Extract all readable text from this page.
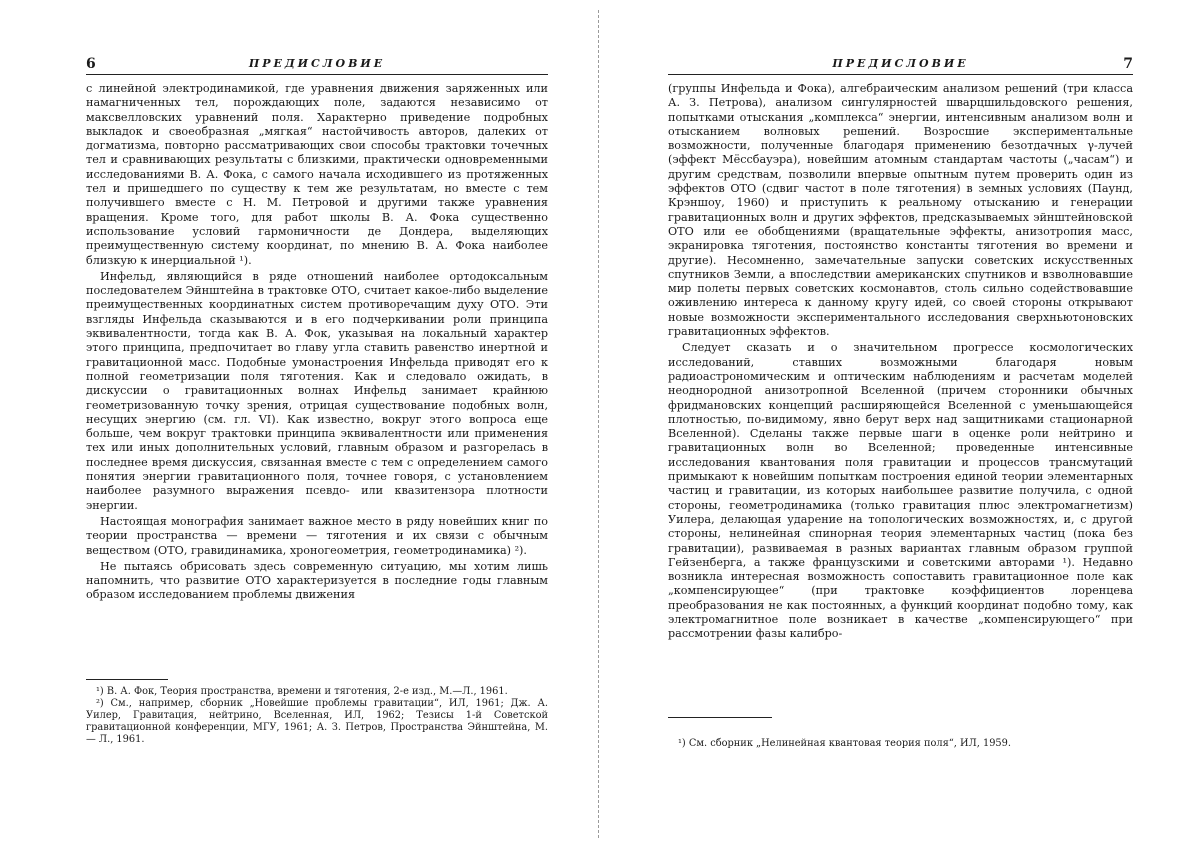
6	ПРЕДИСЛОВИЕ

с линейной электродинамикой, где уравнения движения заряженных или намагниченных тел, порождающих поле, задаются независимо от максвелловских уравнений поля. Характерно приведение подробных выкладок и своеобразная „мягкая“ настойчивость авторов, далеких от догматизма, повторно рассматривающих свои способы трактовки точечных тел и сравнивающих результаты с близкими, практически одновременными исследованиями В. А. Фока, с самого начала исходившего из протяженных тел и пришедшего по существу к тем же результатам, но вместе с тем получившего вместе с Н. М. Петровой и другими также уравнения вращения. Кроме того, для работ школы В. А. Фока существенно использование условий гармоничности де Дондера, выделяющих преимущественную систему координат, по мнению В. А. Фока наиболее близкую к инерциальной ¹).

Инфельд, являющийся в ряде отношений наиболее ортодоксальным последователем Эйнштейна в трактовке ОТО, считает какое-либо выделение преимущественных координатных систем противоречащим духу ОТО. Эти взгляды Инфельда сказываются и в его подчеркивании роли принципа эквивалентности, тогда как В. А. Фок, указывая на локальный характер этого принципа, предпочитает во главу угла ставить равенство инертной и гравитационной масс. Подобные умонастроения Инфельда приводят его к полной геометризации поля тяготения. Как и следовало ожидать, в дискуссии о гравитационных волнах Инфельд занимает крайнюю геометризованную точку зрения, отрицая существование подобных волн, несущих энергию (см. гл. VI). Как известно, вокруг этого вопроса еще больше, чем вокруг трактовки принципа эквивалентности или применения тех или иных дополнительных условий, главным образом и разгорелась в последнее время дискуссия, связанная вместе с тем с определением самого понятия энергии гравитационного поля, точнее говоря, с установлением наиболее разумного выражения псевдо- или квазитензора плотности энергии.

Настоящая монография занимает важное место в ряду новейших книг по теории пространства — времени — тяготения и их связи с обычным веществом (ОТО, гравидинамика, хроногеометрия, геометродинамика) ²).

Не пытаясь обрисовать здесь современную ситуацию, мы хотим лишь напомнить, что развитие ОТО характеризуется в последние годы главным образом исследованием проблемы движения

¹) В. А. Фок, Теория пространства, времени и тяготения, 2-е изд., М.—Л., 1961.

²) См., например, сборник „Новейшие проблемы гравитации“, ИЛ, 1961; Дж. А. Уилер, Гравитация, нейтрино, Вселенная, ИЛ, 1962; Тезисы 1-й Советской гравитационной конференции, МГУ, 1961; А. З. Петров, Пространства Эйнштейна, М. — Л., 1961.

ПРЕДИСЛОВИЕ	7

(группы Инфельда и Фока), алгебраическим анализом решений (три класса А. З. Петрова), анализом сингулярностей шварцшильдовского решения, попытками отыскания „комплекса“ энергии, интенсивным анализом волн и отысканием волновых решений. Возросшие экспериментальные возможности, полученные благодаря применению безотдачных γ-лучей (эффект Мёссбауэра), новейшим атомным стандартам частоты („часам“) и другим средствам, позволили впервые опытным путем проверить один из эффектов ОТО (сдвиг частот в поле тяготения) в земных условиях (Паунд, Крэншоу, 1960) и приступить к реальному отысканию и генерации гравитационных волн и других эффектов, предсказываемых эйнштейновской ОТО или ее обобщениями (вращательные эффекты, анизотропия масс, экранировка тяготения, постоянство константы тяготения во времени и другие). Несомненно, замечательные запуски советских искусственных спутников Земли, а впоследствии американских спутников и взволновавшие мир полеты первых советских космонавтов, столь сильно содействовавшие оживлению интереса к данному кругу идей, со своей стороны открывают новые возможности экспериментального исследования сверхньютоновских гравитационных эффектов.

Следует сказать и о значительном прогрессе космологических исследований, ставших возможными благодаря новым радиоастрономическим и оптическим наблюдениям и расчетам моделей неоднородной анизотропной Вселенной (причем сторонники обычных фридмановских концепций расширяющейся Вселенной с уменьшающейся плотностью, по-видимому, явно берут верх над защитниками стационарной Вселенной). Сделаны также первые шаги в оценке роли нейтрино и гравитационных волн во Вселенной; проведенные интенсивные исследования квантования поля гравитации и процессов трансмутаций примыкают к новейшим попыткам построения единой теории элементарных частиц и гравитации, из которых наибольшее развитие получила, с одной стороны, геометродинамика (только гравитация плюс электромагнетизм) Уилера, делающая ударение на топологических возможностях, и, с другой стороны, нелинейная спинорная теория элементарных частиц (пока без гравитации), развиваемая в разных вариантах главным образом группой Гейзенберга, а также французскими и советскими авторами ¹). Недавно возникла интересная возможность сопоставить гравитационное поле как „компенсирующее“ (при трактовке коэффициентов лоренцева преобразования не как постоянных, а функций координат подобно тому, как электромагнитное поле возникает в качестве „компенсирующего“ при рассмотрении фазы калибро-

¹) См. сборник „Нелинейная квантовая теория поля“, ИЛ, 1959.
